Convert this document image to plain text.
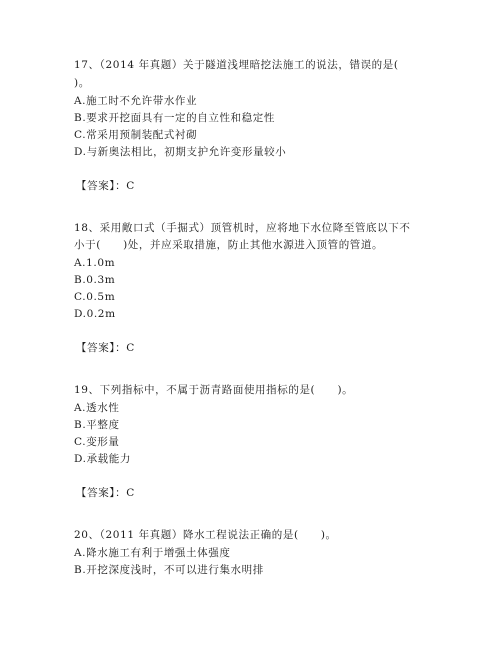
17、（2014 年真题）关于隧道浅埋暗挖法施工的说法，错误的是(
)。
A.施工时不允许带水作业
B.要求开挖面具有一定的自立性和稳定性
C.常采用预制装配式衬砌
D.与新奥法相比，初期支护允许变形量较小
【答案】：C
18、采用敞口式（手掘式）顶管机时，应将地下水位降至管底以下不
小于(　　)处，并应采取措施，防止其他水源进入顶管的管道。
A.1.0m
B.0.3m
C.0.5m
D.0.2m
【答案】：C
19、下列指标中，不属于沥青路面使用指标的是(　　)。
A.透水性
B.平整度
C.变形量
D.承载能力
【答案】：C
20、（2011 年真题）降水工程说法正确的是(　　)。
A.降水施工有利于增强土体强度
B.开挖深度浅时，不可以进行集水明排
